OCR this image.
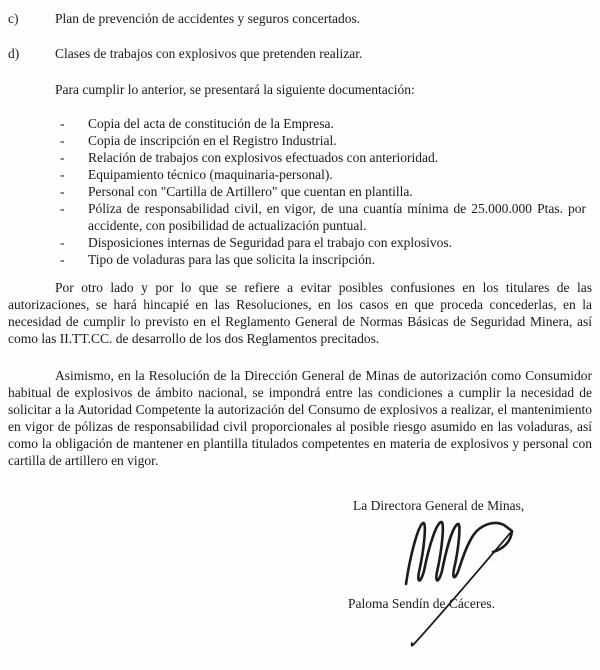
c)	Plan de prevención de accidentes y seguros concertados.
d)	Clases de trabajos con explosivos que pretenden realizar.
Para cumplir lo anterior, se presentará la siguiente documentación:
-	Copia del acta de constitución de la Empresa.
-	Copia de inscripción en el Registro Industrial.
-	Relación de trabajos con explosivos efectuados con anterioridad.
-	Equipamiento técnico (maquinaria-personal).
-	Personal con "Cartilla de Artillero" que cuentan en plantilla.
-	Póliza de responsabilidad civil, en vigor, de una cuantía mínima de 25.000.000 Ptas. por accidente, con posibilidad de actualización puntual.
-	Disposiciones internas de Seguridad para el trabajo con explosivos.
-	Tipo de voladuras para las que solicita la inscripción.
Por otro lado y por lo que se refiere a evitar posibles confusiones en los titulares de las autorizaciones, se hará hincapié en las Resoluciones, en los casos en que proceda concederlas, en la necesidad de cumplir lo previsto en el Reglamento General de Normas Básicas de Seguridad Minera, así como las II.TT.CC. de desarrollo de los dos Reglamentos precitados.
Asimismo, en la Resolución de la Dirección General de Minas de autorización como Consumidor habitual de explosivos de ámbito nacional, se impondrá entre las condiciones a cumplir la necesidad de solicitar a la Autoridad Competente la autorización del Consumo de explosivos a realizar, el mantenimiento en vigor de pólizas de responsabilidad civil proporcionales al posible riesgo asumido en las voladuras, así como la obligación de mantener en plantilla titulados competentes en materia de explosivos y personal con cartilla de artillero en vigor.
La Directora General de Minas,
Paloma Sendín de Cáceres.
